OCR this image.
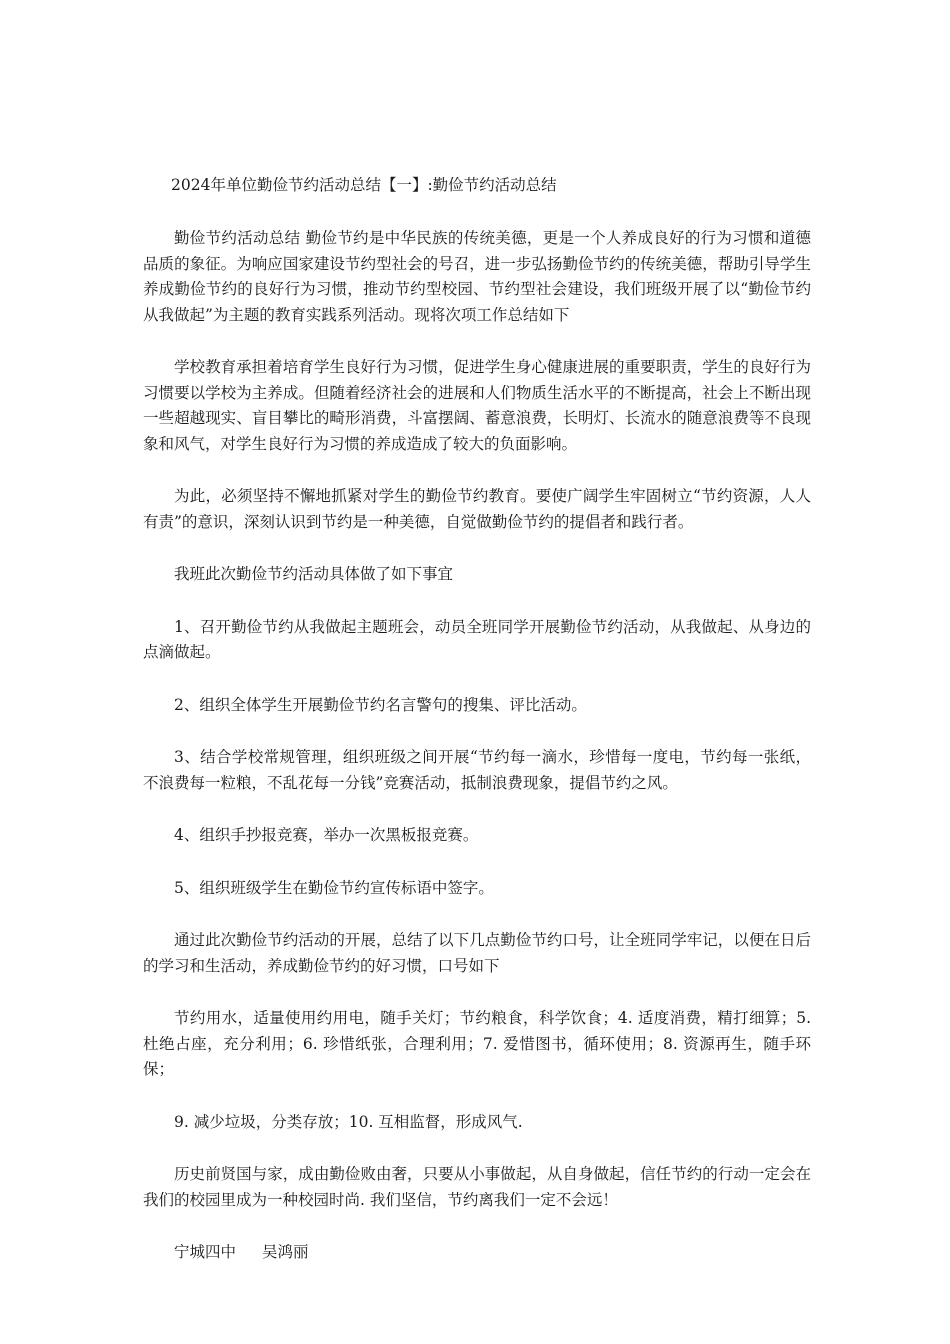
2024年单位勤俭节约活动总结【一】:勤俭节约活动总结

勤俭节约活动总结 勤俭节约是中华民族的传统美德，更是一个人养成良好的行为习惯和道德品质的象征。为响应国家建设节约型社会的号召，进一步弘扬勤俭节约的传统美德，帮助引导学生养成勤俭节约的良好行为习惯，推动节约型校园、节约型社会建设，我们班级开展了以“勤俭节约从我做起”为主题的教育实践系列活动。现将次项工作总结如下

学校教育承担着培育学生良好行为习惯，促进学生身心健康进展的重要职责，学生的良好行为习惯要以学校为主养成。但随着经济社会的进展和人们物质生活水平的不断提高，社会上不断出现一些超越现实、盲目攀比的畸形消费，斗富摆阔、蓄意浪费，长明灯、长流水的随意浪费等不良现象和风气，对学生良好行为习惯的养成造成了较大的负面影响。

为此，必须坚持不懈地抓紧对学生的勤俭节约教育。要使广阔学生牢固树立“节约资源，人人有责”的意识，深刻认识到节约是一种美德，自觉做勤俭节约的提倡者和践行者。

我班此次勤俭节约活动具体做了如下事宜

1、召开勤俭节约从我做起主题班会，动员全班同学开展勤俭节约活动，从我做起、从身边的点滴做起。

2、组织全体学生开展勤俭节约名言警句的搜集、评比活动。

3、结合学校常规管理，组织班级之间开展“节约每一滴水，珍惜每一度电，节约每一张纸，不浪费每一粒粮，不乱花每一分钱”竞赛活动，抵制浪费现象，提倡节约之风。

4、组织手抄报竞赛，举办一次黑板报竞赛。

5、组织班级学生在勤俭节约宣传标语中签字。

通过此次勤俭节约活动的开展，总结了以下几点勤俭节约口号，让全班同学牢记，以便在日后的学习和生活动，养成勤俭节约的好习惯，口号如下

节约用水，适量使用约用电，随手关灯；节约粮食，科学饮食；4. 适度消费，精打细算；5. 杜绝占座，充分利用；6. 珍惜纸张，合理利用；7. 爱惜图书，循环使用；8. 资源再生，随手环保；

9. 减少垃圾，分类存放；10. 互相监督，形成风气.

历史前贤国与家，成由勤俭败由奢，只要从小事做起，从自身做起，信任节约的行动一定会在我们的校园里成为一种校园时尚. 我们坚信，节约离我们一定不会远！

宁城四中 吴鸿丽
